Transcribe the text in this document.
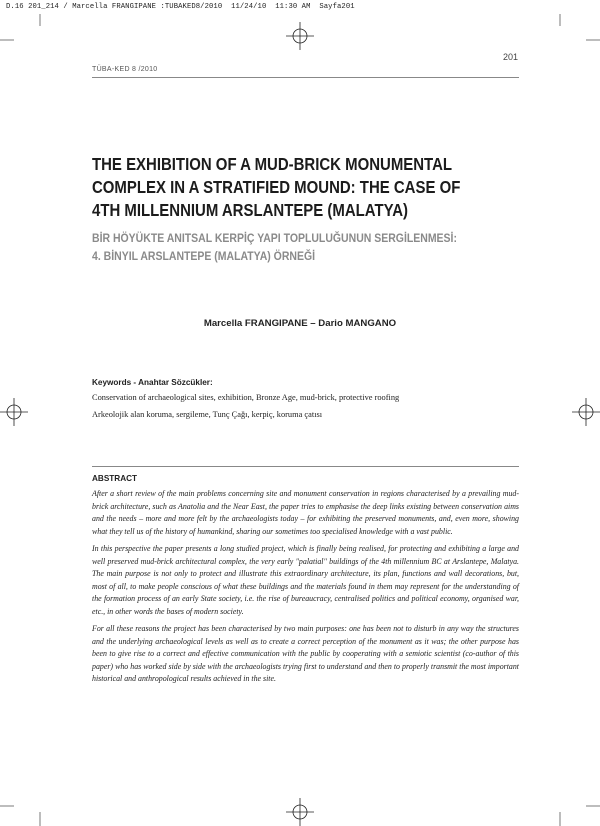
D.16 201_214 / Marcella FRANGIPANE :TUBAKED8/2010  11/24/10  11:30 AM  Sayfa201
201
TÜBA-KED 8 /2010
THE EXHIBITION OF A MUD-BRICK MONUMENTAL
COMPLEX IN A STRATIFIED MOUND: THE CASE OF
4TH MILLENNIUM ARSLANTEPE (MALATYA)
BİR HÖYÜKTE ANITSAL KERPİÇ YAPI TOPLULUĞUNUN SERGİLENMESİ:
4. BİNYIL ARSLANTEPE (MALATYA) ÖRNEĞİ
Marcella FRANGIPANE – Dario MANGANO
Keywords - Anahtar Sözcükler:
Conservation of archaeological sites, exhibition, Bronze Age, mud-brick, protective roofing
Arkeolojik alan koruma, sergileme, Tunç Çağı, kerpiç, koruma çatısı
ABSTRACT

After a short review of the main problems concerning site and monument conservation in regions characterised by a prevailing mud-brick architecture, such as Anatolia and the Near East, the paper tries to emphasise the deep links existing between conservation aims and the needs – more and more felt by the archaeologists today – for exhibiting the preserved monuments, and, even more, showing what they tell us of the history of humankind, sharing our sometimes too specialised knowledge with a vast public.

In this perspective the paper presents a long studied project, which is finally being realised, for protecting and exhibiting a large and well preserved mud-brick architectural complex, the very early "palatial" buildings of the 4th millennium BC at Arslantepe, Malatya. The main purpose is not only to protect and illustrate this extraordinary architecture, its plan, functions and wall decorations, but, most of all, to make people conscious of what these buildings and the materials found in them may represent for the understanding of the formation process of an early State society, i.e. the rise of bureaucracy, centralised politics and political economy, organised war, etc., in other words the bases of modern society.

For all these reasons the project has been characterised by two main purposes: one has been not to disturb in any way the structures and the underlying archaeological levels as well as to create a correct perception of the monument as it was; the other purpose has been to give rise to a correct and effective communication with the public by cooperating with a semiotic scientist (co-author of this paper) who has worked side by side with the archaeologists trying first to understand and then to properly transmit the most important historical and anthropological results achieved in the site.
